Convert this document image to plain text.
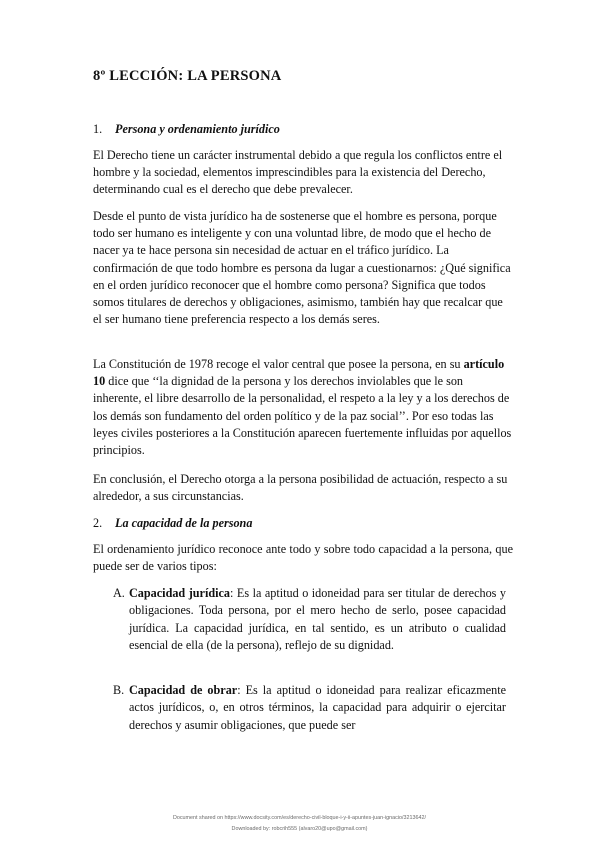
8º LECCIÓN: LA PERSONA
1. Persona y ordenamiento jurídico

El Derecho tiene un carácter instrumental debido a que regula los conflictos entre el hombre y la sociedad, elementos imprescindibles para la existencia del Derecho, determinando cual es el derecho que debe prevalecer.

Desde el punto de vista jurídico ha de sostenerse que el hombre es persona, porque todo ser humano es inteligente y con una voluntad libre, de modo que el hecho de nacer ya te hace persona sin necesidad de actuar en el tráfico jurídico. La confirmación de que todo hombre es persona da lugar a cuestionarnos: ¿Qué significa en el orden jurídico reconocer que el hombre como persona? Significa que todos somos titulares de derechos y obligaciones, asimismo, también hay que recalcar que el ser humano tiene preferencia respecto a los demás seres.

La Constitución de 1978 recoge el valor central que posee la persona, en su artículo 10 dice que ‘‘la dignidad de la persona y los derechos inviolables que le son inherente, el libre desarrollo de la personalidad, el respeto a la ley y a los derechos de los demás son fundamento del orden político y de la paz social’’. Por eso todas las leyes civiles posteriores a la Constitución aparecen fuertemente influidas por aquellos principios.

En conclusión, el Derecho otorga a la persona posibilidad de actuación, respecto a su alrededor, a sus circunstancias.

2. La capacidad de la persona

El ordenamiento jurídico reconoce ante todo y sobre todo capacidad a la persona, que puede ser de varios tipos:

A. Capacidad jurídica: Es la aptitud o idoneidad para ser titular de derechos y obligaciones. Toda persona, por el mero hecho de serlo, posee capacidad jurídica. La capacidad jurídica, en tal sentido, es un atributo o cualidad esencial de ella (de la persona), reflejo de su dignidad.
B. Capacidad de obrar: Es la aptitud o idoneidad para realizar eficazmente actos jurídicos, o, en otros términos, la capacidad para adquirir o ejercitar derechos y asumir obligaciones, que puede ser
Document shared on https://www.docsity.com/es/derecho-civil-bloque-i-y-ii-apuntes-juan-ignacio/3213642/
Downloaded by: robcrih555 (alvaro20@upo@gmail.com)
